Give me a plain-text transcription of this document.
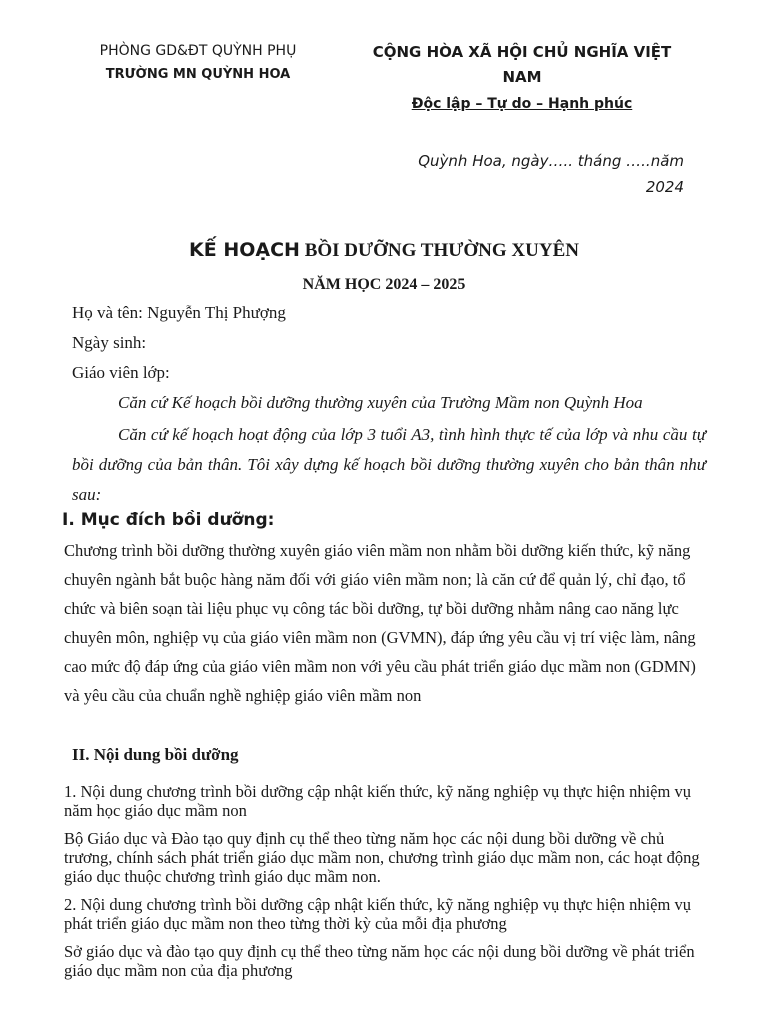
PHÒNG GD&ĐT QUỲNH PHỤ
TRƯỜNG MN QUỲNH HOA
CỘNG HÒA XÃ HỘI CHỦ NGHĨA VIỆT NAM
Độc lập – Tự do – Hạnh phúc
Quỳnh Hoa, ngày….. tháng …..năm 2024
KẾ HOẠCH BỒI DƯỠNG THƯỜNG XUYÊN
NĂM HỌC 2024 – 2025
Họ và tên: Nguyễn Thị Phượng
Ngày sinh:
Giáo viên lớp:
Căn cứ Kế hoạch bồi dưỡng thường xuyên của Trường Mầm non Quỳnh Hoa
Căn cứ kế hoạch hoạt động của lớp 3 tuổi A3, tình hình thực tế của lớp và nhu cầu tự bồi dưỡng của bản thân. Tôi xây dựng kế hoạch bồi dưỡng thường xuyên cho bản thân như sau:
I. Mục đích bồi dưỡng:
Chương trình bồi dưỡng thường xuyên giáo viên mầm non nhằm bồi dưỡng kiến thức, kỹ năng chuyên ngành bắt buộc hàng năm đối với giáo viên mầm non; là căn cứ để quản lý, chỉ đạo, tổ chức và biên soạn tài liệu phục vụ công tác bồi dưỡng, tự bồi dưỡng nhằm nâng cao năng lực chuyên môn, nghiệp vụ của giáo viên mầm non (GVMN), đáp ứng yêu cầu vị trí việc làm, nâng cao mức độ đáp ứng của giáo viên mầm non với yêu cầu phát triển giáo dục mầm non (GDMN) và yêu cầu của chuẩn nghề nghiệp giáo viên mầm non
II. Nội dung bồi dưỡng
1. Nội dung chương trình bồi dưỡng cập nhật kiến thức, kỹ năng nghiệp vụ thực hiện nhiệm vụ năm học giáo dục mầm non
Bộ Giáo dục và Đào tạo quy định cụ thể theo từng năm học các nội dung bồi dưỡng về chủ trương, chính sách phát triển giáo dục mầm non, chương trình giáo dục mầm non, các hoạt động giáo dục thuộc chương trình giáo dục mầm non.
2. Nội dung chương trình bồi dưỡng cập nhật kiến thức, kỹ năng nghiệp vụ thực hiện nhiệm vụ phát triển giáo dục mầm non theo từng thời kỳ của mỗi địa phương
Sở giáo dục và đào tạo quy định cụ thể theo từng năm học các nội dung bồi dưỡng về phát triển giáo dục mầm non của địa phương
